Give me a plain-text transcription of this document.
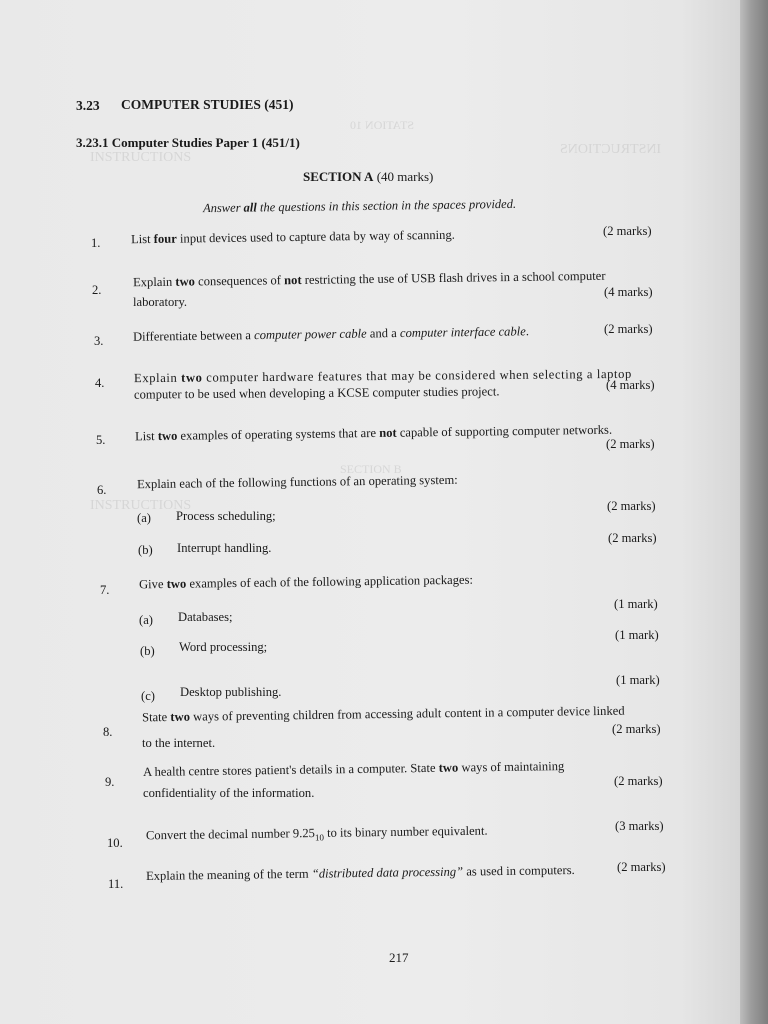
INSTRUCTIONS
INSTRUCTIONS
STATION 10
INSTRUCTIONS
SECTION B
3.23 COMPUTER STUDIES (451)
3.23.1 Computer Studies Paper 1 (451/1)
SECTION A (40 marks)
Answer all the questions in this section in the spaces provided.
1. List four input devices used to capture data by way of scanning.	(2 marks)
2.
Explain two consequences of not restricting the use of USB flash drives in a school computer
laboratory.
(4 marks)
3. Differentiate between a computer power cable and a computer interface cable.	(2 marks)
4. Explain two computer hardware features that may be considered when selecting a laptop
computer to be used when developing a KCSE computer studies project.	(4 marks)
5. List two examples of operating systems that are not capable of supporting computer networks.
(2 marks)
6. Explain each of the following functions of an operating system:
(a) Process scheduling;
(2 marks)
(b) Interrupt handling.
(2 marks)
7. Give two examples of each of the following application packages:
(a) Databases;
(1 mark)
(b) Word processing;
(1 mark)
(c) Desktop publishing.
(1 mark)
8.
State two ways of preventing children from accessing adult content in a computer device linked
to the internet.
(2 marks)
9.
A health centre stores patient's details in a computer. State two ways of maintaining
confidentiality of the information.
(2 marks)
10.
Convert the decimal number $9.25_{10}$ to its binary number equivalent.	(3 marks)
11.
Explain the meaning of the term “distributed data processing” as used in computers.	(2 marks)
217
